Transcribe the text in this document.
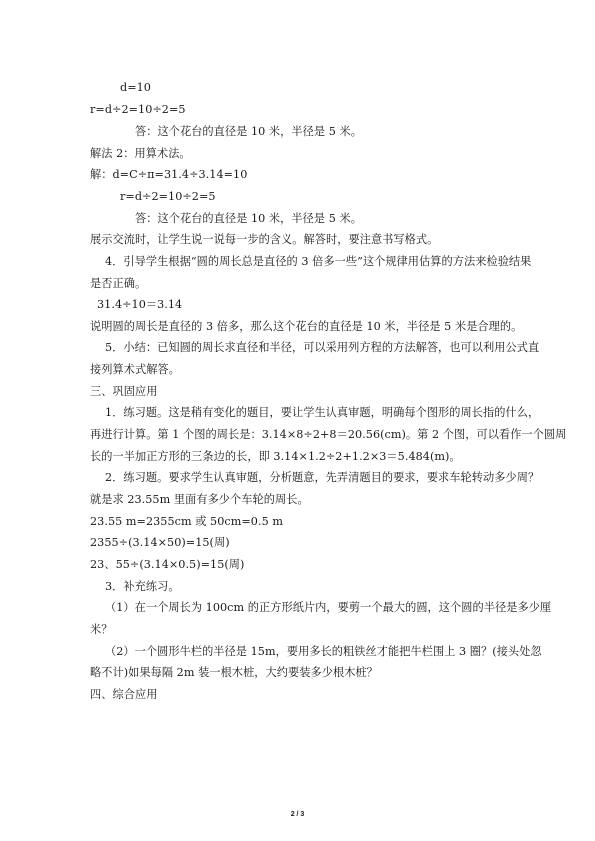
d=10
r=d÷2=10÷2=5
答：这个花台的直径是 10 米，半径是 5 米。
解法 2：用算术法。
解：d=C÷π=31.4÷3.14=10
r=d÷2=10÷2=5
答：这个花台的直径是 10 米，半径是 5 米。
展示交流时，让学生说一说每一步的含义。解答时，要注意书写格式。
4．引导学生根据“圆的周长总是直径的 3 倍多一些”这个规律用估算的方法来检验结果
是否正确。
31.4÷10＝3.14
说明圆的周长是直径的 3 倍多，那么这个花台的直径是 10 米，半径是 5 米是合理的。
5．小结：已知圆的周长求直径和半径，可以采用列方程的方法解答，也可以利用公式直
接列算术式解答。
三、巩固应用
1．练习题。这是稍有变化的题目，要让学生认真审题，明确每个图形的周长指的什么，
再进行计算。第 1 个图的周长是：3.14×8÷2+8＝20.56(cm)。第 2 个图，可以看作一个圆周
长的一半加正方形的三条边的长，即 3.14×1.2÷2+1.2×3＝5.484(m)。
2．练习题。要求学生认真审题，分析题意，先弄清题目的要求，要求车轮转动多少周？
就是求 23.55m 里面有多少个车轮的周长。
23.55 m=2355cm 或 50cm=0.5 m
2355÷(3.14×50)=15(周)
23、55÷(3.14×0.5)=15(周)
3．补充练习。
（1）在一个周长为 100cm 的正方形纸片内，要剪一个最大的圆，这个圆的半径是多少厘
米？
（2）一个圆形牛栏的半径是 15m，要用多长的粗铁丝才能把牛栏围上 3 圈？(接头处忽
略不计)如果每隔 2m 装一根木桩，大约要装多少根木桩？
四、综合应用
2 / 3
